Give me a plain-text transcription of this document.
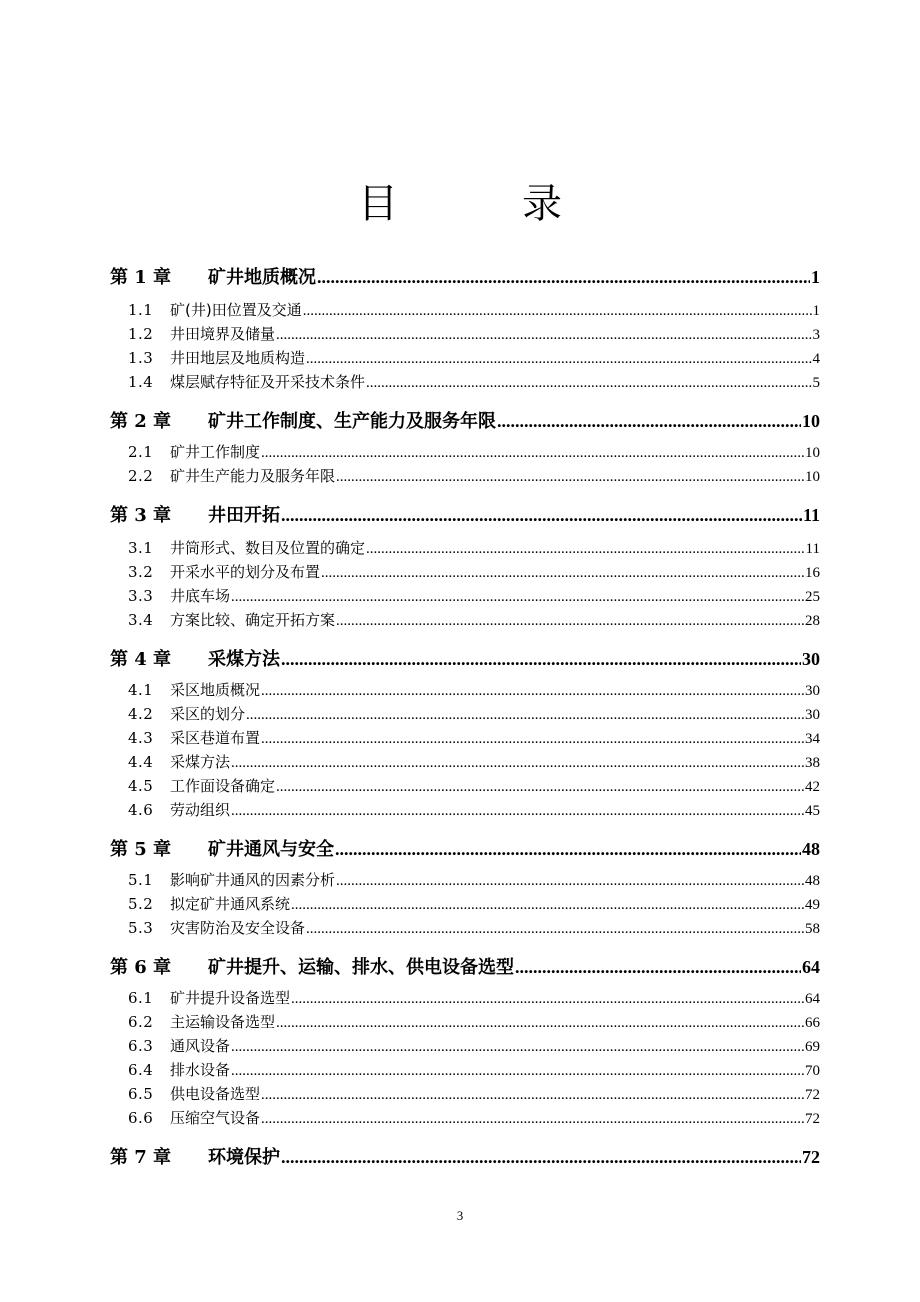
目　录
第 1 章	矿井地质概况 .....	1
1.1	矿(井)田位置及交通 .....	1
1.2	井田境界及储量 .....	3
1.3	井田地层及地质构造 .....	4
1.4	煤层赋存特征及开采技术条件 .....	5
第 2 章	矿井工作制度、生产能力及服务年限 .....	10
2.1	矿井工作制度 .....	10
2.2	矿井生产能力及服务年限 .....	10
第 3 章	井田开拓 .....	11
3.1	井筒形式、数目及位置的确定 .....	11
3.2	开采水平的划分及布置 .....	16
3.3	井底车场 .....	25
3.4	方案比较、确定开拓方案 .....	28
第 4 章	采煤方法 .....	30
4.1	采区地质概况 .....	30
4.2	采区的划分 .....	30
4.3	采区巷道布置 .....	34
4.4	采煤方法 .....	38
4.5	工作面设备确定 .....	42
4.6	劳动组织 .....	45
第 5 章	矿井通风与安全 .....	48
5.1	影响矿井通风的因素分析 .....	48
5.2	拟定矿井通风系统 .....	49
5.3	灾害防治及安全设备 .....	58
第 6 章	矿井提升、运输、排水、供电设备选型 .....	64
6.1	矿井提升设备选型 .....	64
6.2	主运输设备选型 .....	66
6.3	通风设备 .....	69
6.4	排水设备 .....	70
6.5	供电设备选型 .....	72
6.6	压缩空气设备 .....	72
第 7 章	环境保护 .....	72
3
